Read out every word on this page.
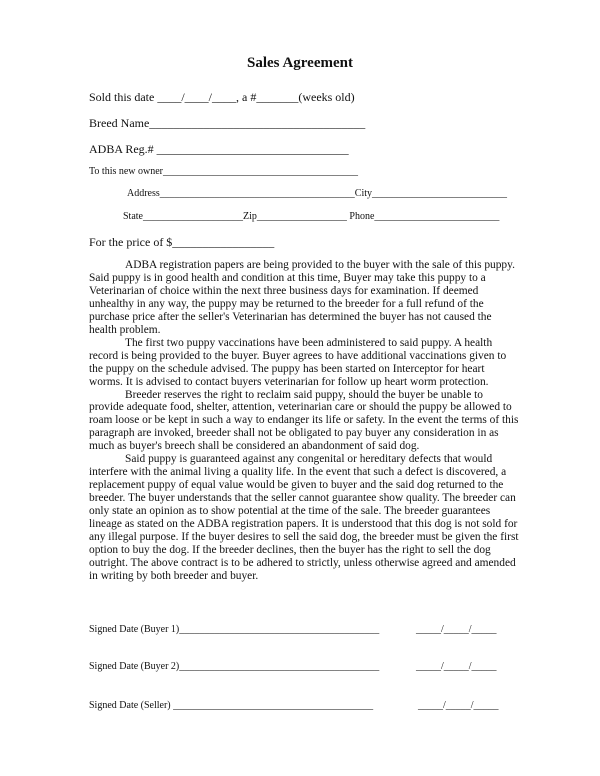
Sales Agreement
Sold this date ____/____/____, a #_______(weeks old)
Breed Name____________________________________
ADBA Reg.# ________________________________
To this new owner_______________________________________
Address_______________________________________City___________________________
State____________________Zip__________________ Phone_________________________
For the price of $_________________

ADBA registration papers are being provided to the buyer with the sale of this puppy. Said puppy is in good health and condition at this time, Buyer may take this puppy to a Veterinarian of choice within the next three business days for examination. If deemed unhealthy in any way, the puppy may be returned to the breeder for a full refund of the purchase price after the seller's Veterinarian has determined the buyer has not caused the health problem.

The first two puppy vaccinations have been administered to said puppy. A health record is being provided to the buyer. Buyer agrees to have additional vaccinations given to the puppy on the schedule advised. The puppy has been started on Interceptor for heart worms. It is advised to contact buyers veterinarian for follow up heart worm protection.

Breeder reserves the right to reclaim said puppy, should the buyer be unable to provide adequate food, shelter, attention, veterinarian care or should the puppy be allowed to roam loose or be kept in such a way to endanger its life or safety. In the event the terms of this paragraph are invoked, breeder shall not be obligated to pay buyer any consideration in as much as buyer's breech shall be considered an abandonment of said dog.

Said puppy is guaranteed against any congenital or hereditary defects that would interfere with the animal living a quality life. In the event that such a defect is discovered, a replacement puppy of equal value would be given to buyer and the said dog returned to the breeder. The buyer understands that the seller cannot guarantee show quality. The breeder can only state an opinion as to show potential at the time of the sale. The breeder guarantees lineage as stated on the ADBA registration papers. It is understood that this dog is not sold for any illegal purpose. If the buyer desires to sell the said dog, the breeder must be given the first option to buy the dog. If the breeder declines, then the buyer has the right to sell the dog outright. The above contract is to be adhered to strictly, unless otherwise agreed and amended in writing by both breeder and buyer.

Signed Date (Buyer 1)________________________________________	_____/_____/_____
Signed Date (Buyer 2)________________________________________	_____/_____/_____
Signed Date (Seller) ________________________________________	_____/_____/_____
